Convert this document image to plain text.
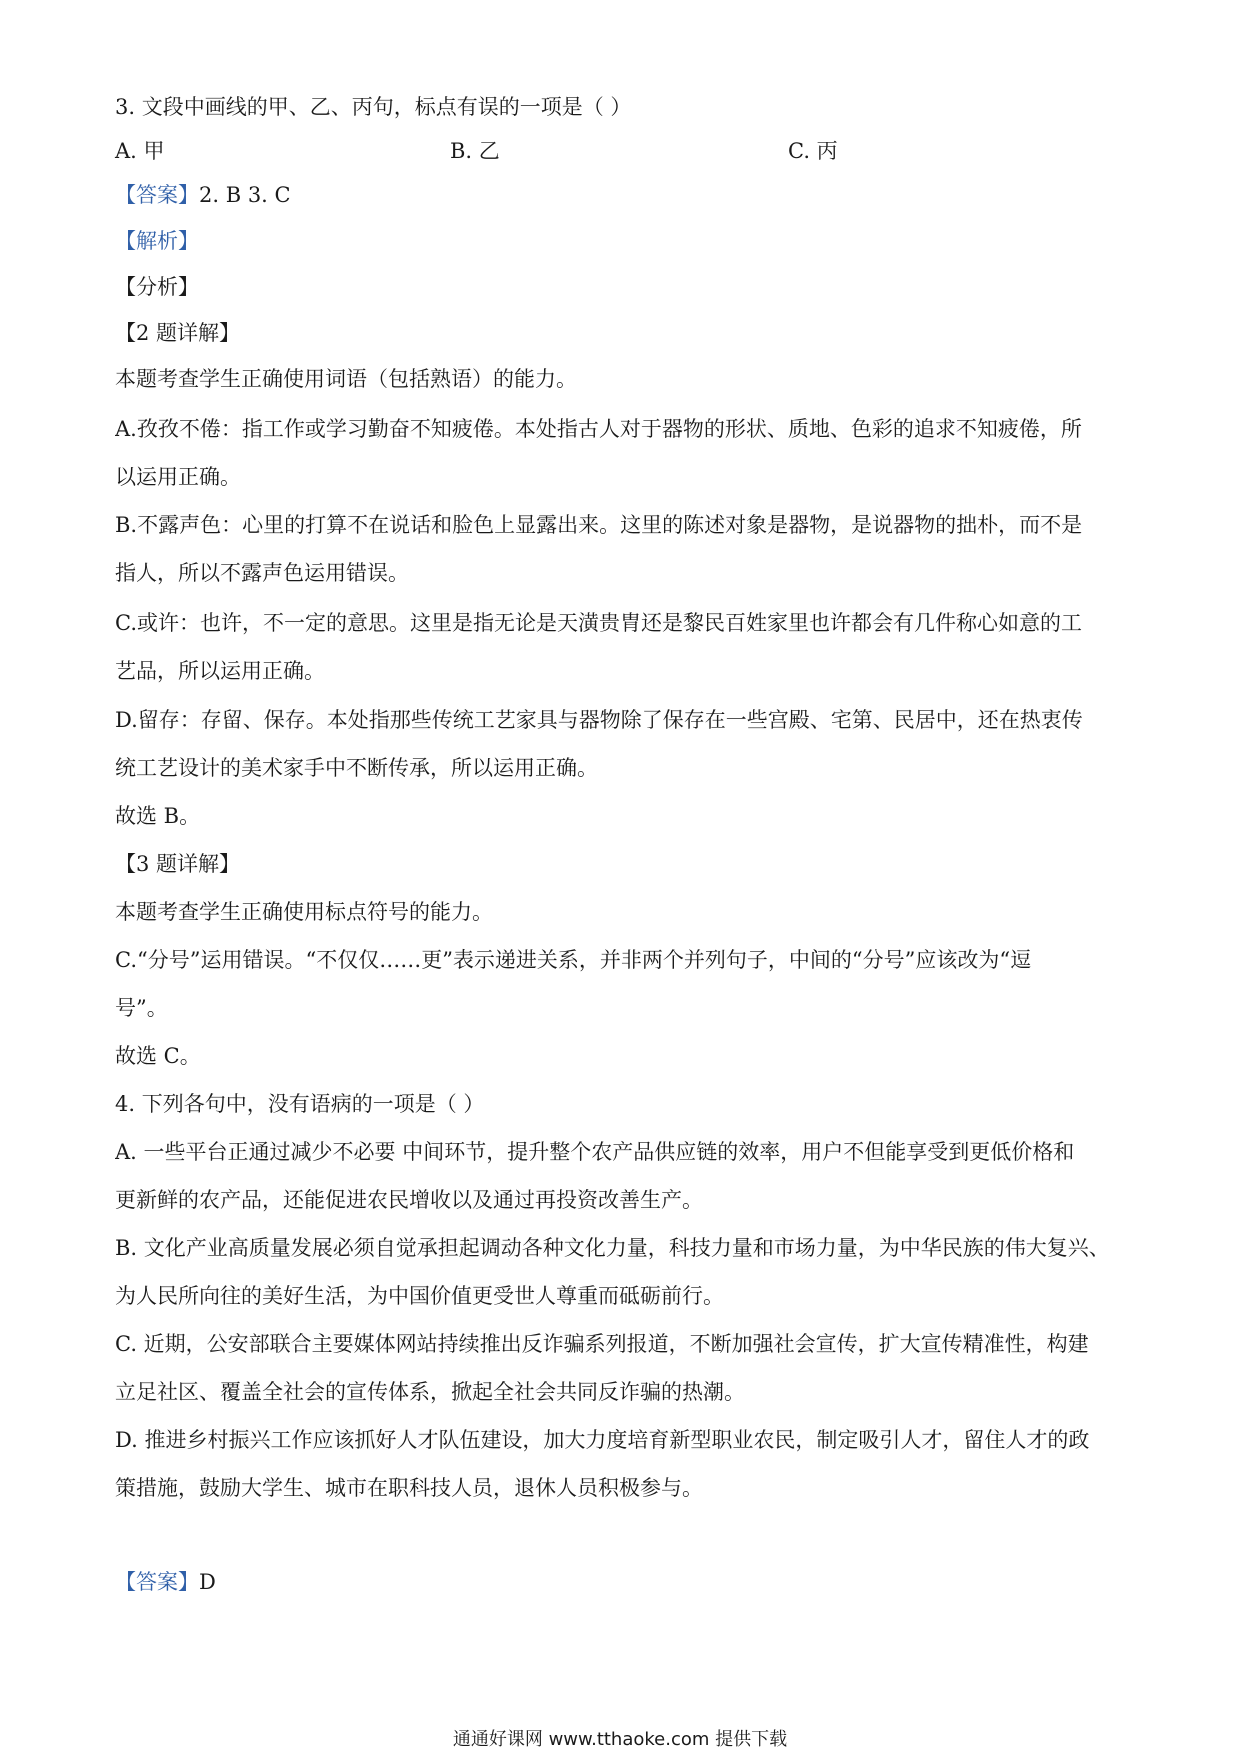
3. 文段中画线的甲、乙、丙句，标点有误的一项是（ ）
A. 甲	B. 乙	C. 丙
【答案】2. B 3. C
【解析】
【分析】
【2 题详解】
本题考查学生正确使用词语（包括熟语）的能力。
A.孜孜不倦：指工作或学习勤奋不知疲倦。本处指古人对于器物的形状、质地、色彩的追求不知疲倦，所
以运用正确。
B.不露声色：心里的打算不在说话和脸色上显露出来。这里的陈述对象是器物，是说器物的拙朴，而不是
指人，所以不露声色运用错误。
C.或许：也许，不一定的意思。这里是指无论是天潢贵胄还是黎民百姓家里也许都会有几件称心如意的工
艺品，所以运用正确。
D.留存：存留、保存。本处指那些传统工艺家具与器物除了保存在一些宫殿、宅第、民居中，还在热衷传
统工艺设计的美术家手中不断传承，所以运用正确。
故选 B。
【3 题详解】
本题考查学生正确使用标点符号的能力。
C.“分号”运用错误。“不仅仅……更”表示递进关系，并非两个并列句子，中间的“分号”应该改为“逗
号”。
故选 C。
4. 下列各句中，没有语病的一项是（ ）
A. 一些平台正通过减少不必要 中间环节，提升整个农产品供应链的效率，用户不但能享受到更低价格和
更新鲜的农产品，还能促进农民增收以及通过再投资改善生产。
B. 文化产业高质量发展必须自觉承担起调动各种文化力量，科技力量和市场力量，为中华民族的伟大复兴、
为人民所向往的美好生活，为中国价值更受世人尊重而砥砺前行。
C. 近期，公安部联合主要媒体网站持续推出反诈骗系列报道，不断加强社会宣传，扩大宣传精准性，构建
立足社区、覆盖全社会的宣传体系，掀起全社会共同反诈骗的热潮。
D. 推进乡村振兴工作应该抓好人才队伍建设，加大力度培育新型职业农民，制定吸引人才，留住人才的政
策措施，鼓励大学生、城市在职科技人员，退休人员积极参与。
【答案】D
通通好课网 www.tthaoke.com 提供下载
